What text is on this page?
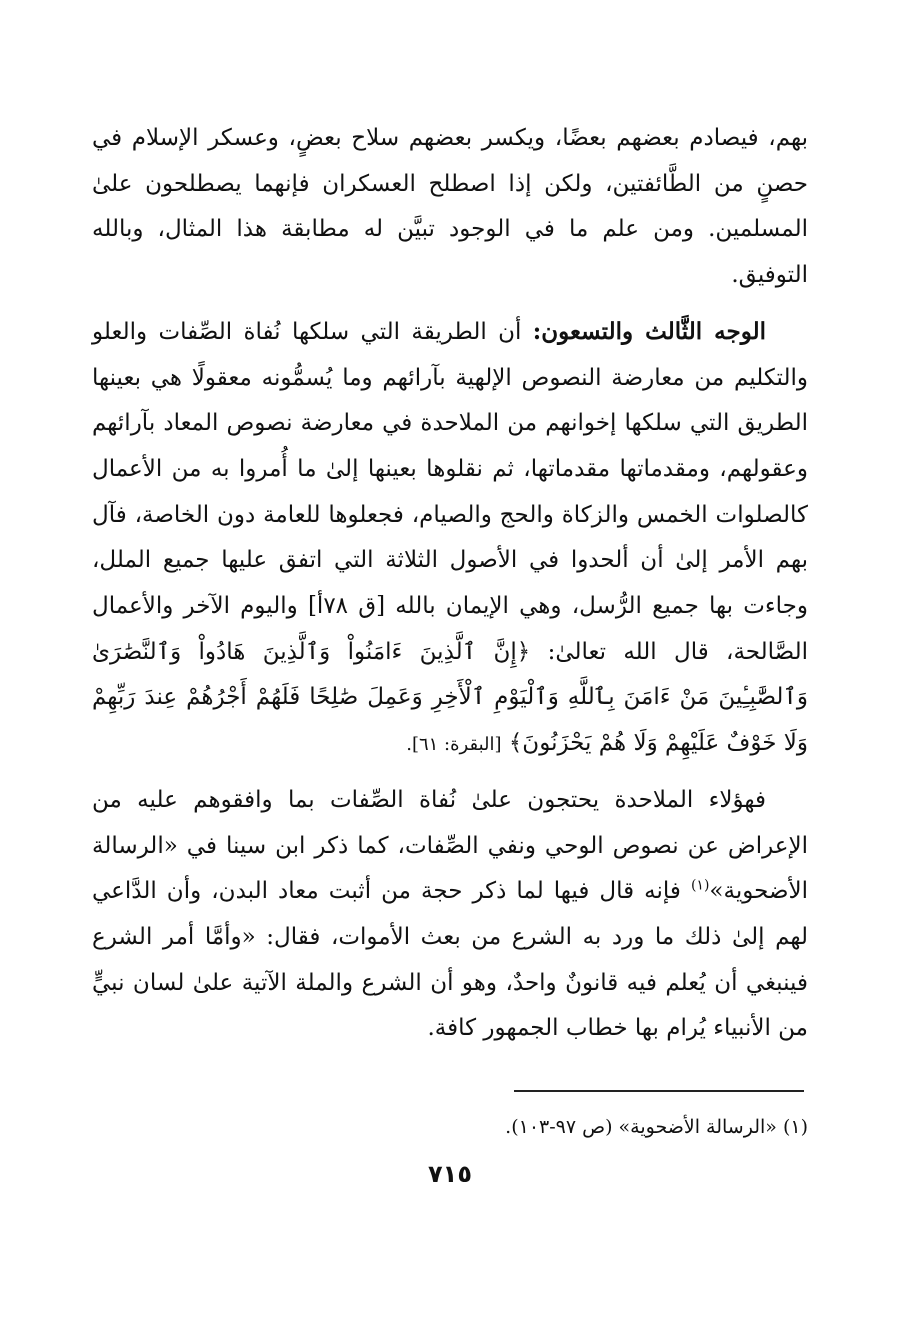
بهم، فيصادم بعضهم بعضًا، ويكسر بعضهم سلاح بعضٍ، وعسكر الإسلام في حصنٍ من الطَّائفتين، ولكن إذا اصطلح العسكران فإنهما يصطلحون علىٰ المسلمين. ومن علم ما في الوجود تبيَّن له مطابقة هذا المثال، وبالله التوفيق.

الوجه الثَّالث والتسعون: أن الطريقة التي سلكها نُفاة الصِّفات والعلو والتكليم من معارضة النصوص الإلهية بآرائهم وما يُسمُّونه معقولًا هي بعينها الطريق التي سلكها إخوانهم من الملاحدة في معارضة نصوص المعاد بآرائهم وعقولهم، ومقدماتها مقدماتها، ثم نقلوها بعينها إلىٰ ما أُمروا به من الأعمال كالصلوات الخمس والزكاة والحج والصيام، فجعلوها للعامة دون الخاصة، فآل بهم الأمر إلىٰ أن ألحدوا في الأصول الثلاثة التي اتفق عليها جميع الملل، وجاءت بها جميع الرُّسل، وهي الإيمان بالله [ق ٧٨أ] واليوم الآخر والأعمال الصَّالحة، قال الله تعالىٰ: ﴿إِنَّ ٱلَّذِينَ ءَامَنُواْ وَٱلَّذِينَ هَادُواْ وَٱلنَّصَٰرَىٰ وَٱلصَّٰبِـِٔينَ مَنْ ءَامَنَ بِٱللَّهِ وَٱلْيَوْمِ ٱلْأَخِرِ وَعَمِلَ صَٰلِحًا فَلَهُمْ أَجْرُهُمْ عِندَ رَبِّهِمْ وَلَا خَوْفٌ عَلَيْهِمْ وَلَا هُمْ يَحْزَنُونَ﴾ [البقرة: ٦١].

فهؤلاء الملاحدة يحتجون علىٰ نُفاة الصِّفات بما وافقوهم عليه من الإعراض عن نصوص الوحي ونفي الصِّفات، كما ذكر ابن سينا في «الرسالة الأضحوية»$^{(١)}$ فإنه قال فيها لما ذكر حجة من أثبت معاد البدن، وأن الدَّاعي لهم إلىٰ ذلك ما ورد به الشرع من بعث الأموات، فقال: «وأمَّا أمر الشرع فينبغي أن يُعلم فيه قانونٌ واحدٌ، وهو أن الشرع والملة الآتية علىٰ لسان نبيٍّ من الأنبياء يُرام بها خطاب الجمهور كافة.

(١) «الرسالة الأضحوية» (ص ٩٧-١٠٣).

٧١٥
